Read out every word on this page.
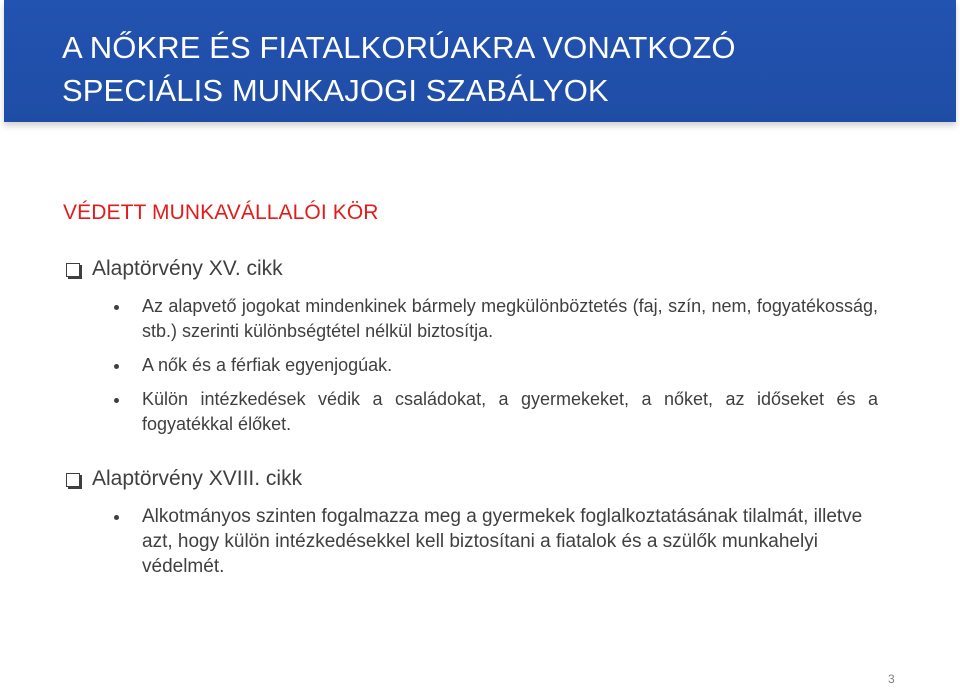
A NŐKRE ÉS FIATALKORÚAKRA VONATKOZÓ
SPECIÁLIS MUNKAJOGI SZABÁLYOK
VÉDETT MUNKAVÁLLALÓI KÖR
Alaptörvény XV. cikk
Az alapvető jogokat mindenkinek bármely megkülönböztetés (faj, szín, nem, fogyatékosság, stb.) szerinti különbségtétel nélkül biztosítja.
A nők és a férfiak egyenjogúak.
Külön intézkedések védik a családokat, a gyermekeket, a nőket, az időseket és a fogyatékkal élőket.
Alaptörvény XVIII. cikk
Alkotmányos szinten fogalmazza meg a gyermekek foglalkoztatásának tilalmát, illetve azt, hogy külön intézkedésekkel kell biztosítani a fiatalok és a szülők munkahelyi védelmét.
3
